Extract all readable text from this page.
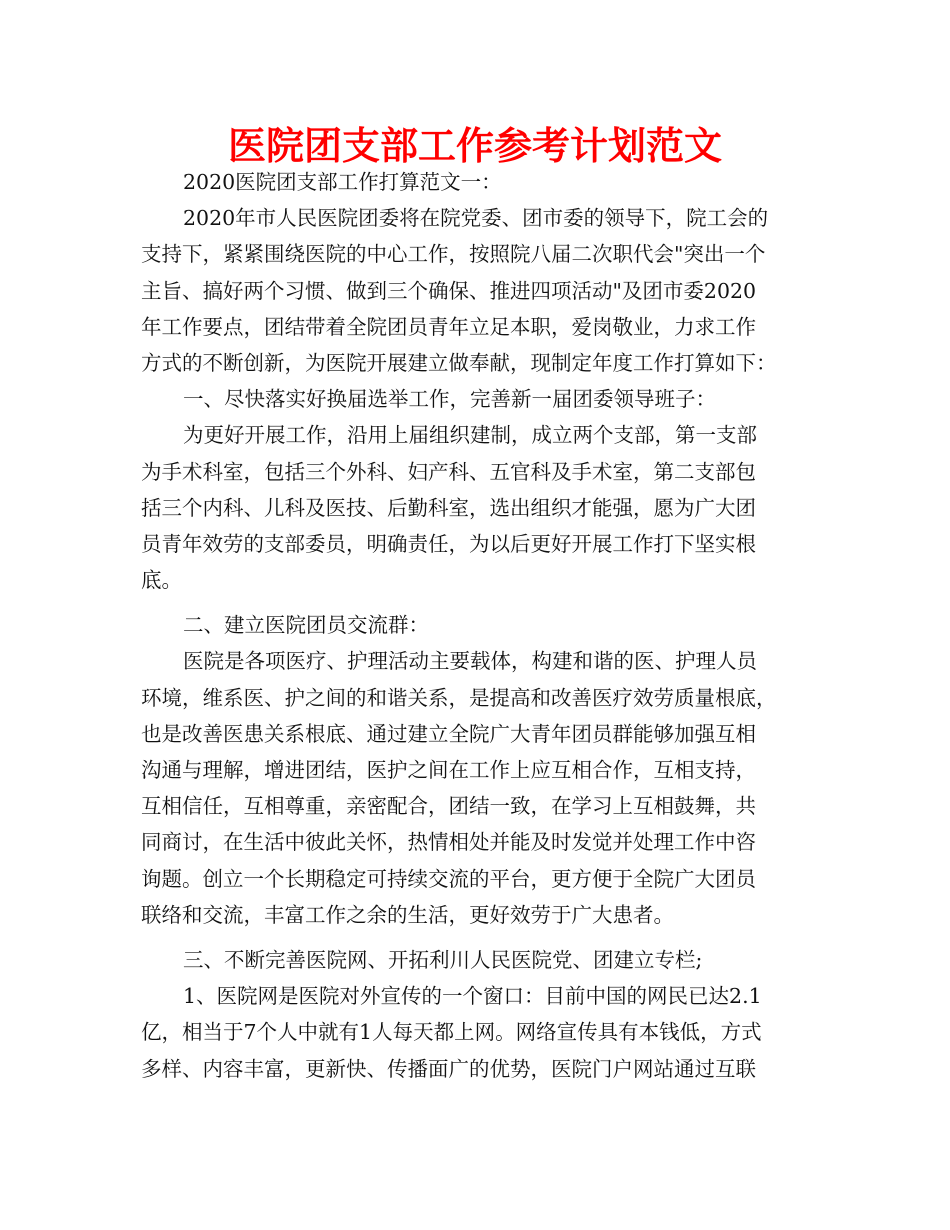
医院团支部工作参考计划范文
2020医院团支部工作打算范文一：
2020年市人民医院团委将在院党委、团市委的领导下，院工会的
支持下，紧紧围绕医院的中心工作，按照院八届二次职代会"突出一个
主旨、搞好两个习惯、做到三个确保、推进四项活动"及团市委2020
年工作要点，团结带着全院团员青年立足本职，爱岗敬业，力求工作
方式的不断创新，为医院开展建立做奉献，现制定年度工作打算如下：
一、尽快落实好换届选举工作，完善新一届团委领导班子：
为更好开展工作，沿用上届组织建制，成立两个支部，第一支部
为手术科室，包括三个外科、妇产科、五官科及手术室，第二支部包
括三个内科、儿科及医技、后勤科室，选出组织才能强，愿为广大团
员青年效劳的支部委员，明确责任，为以后更好开展工作打下坚实根
底。
二、建立医院团员交流群：
医院是各项医疗、护理活动主要载体，构建和谐的医、护理人员
环境，维系医、护之间的和谐关系，是提高和改善医疗效劳质量根底，
也是改善医患关系根底、通过建立全院广大青年团员群能够加强互相
沟通与理解，增进团结，医护之间在工作上应互相合作，互相支持，
互相信任，互相尊重，亲密配合，团结一致，在学习上互相鼓舞，共
同商讨，在生活中彼此关怀，热情相处并能及时发觉并处理工作中咨
询题。创立一个长期稳定可持续交流的平台，更方便于全院广大团员
联络和交流，丰富工作之余的生活，更好效劳于广大患者。
三、不断完善医院网、开拓利川人民医院党、团建立专栏;
1、医院网是医院对外宣传的一个窗口：目前中国的网民已达2.1
亿，相当于7个人中就有1人每天都上网。网络宣传具有本钱低，方式
多样、内容丰富，更新快、传播面广的优势，医院门户网站通过互联
